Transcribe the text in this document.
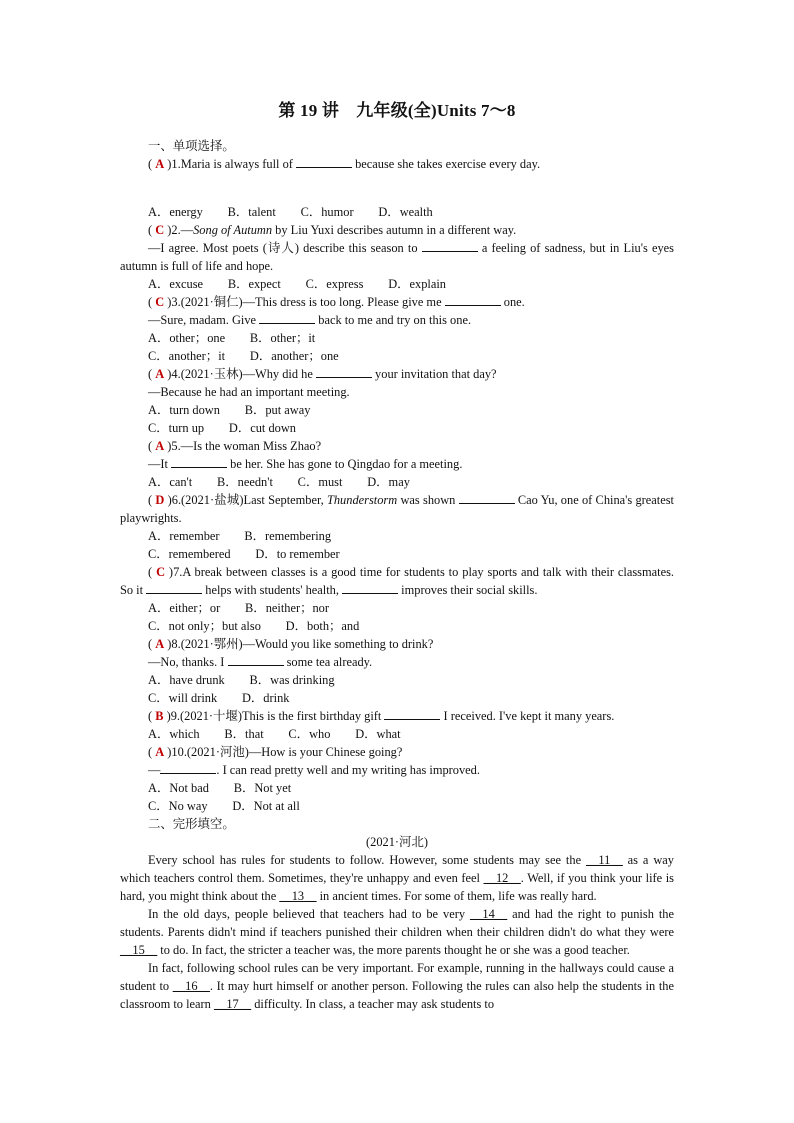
第 19 讲　九年级(全)Units 7～8

一、单项选择。

( A )1.Maria is always full of	because she takes exercise every day.

A．energy　　B．talent　　C．humor　　D．wealth

( C )2.—Song of Autumn by Liu Yuxi describes autumn in a different way.

—I agree. Most poets (诗人) describe this season to	a feeling of sadness, but in Liu's eyes autumn is full of life and hope.

A．excuse　　B．expect　　C．express　　D．explain

( C )3.(2021·铜仁)—This dress is too long. Please give me	one.

—Sure, madam. Give	back to me and try on this one.

A．other；one　　B．other；it

C．another；it　　D．another；one

( A )4.(2021·玉林)—Why did he	your invitation that day?

—Because he had an important meeting.

A．turn down　　B．put away

C．turn up　　D．cut down

( A )5.—Is the woman Miss Zhao?

—It	be her. She has gone to Qingdao for a meeting.

A．can't　　B．needn't　　C．must　　D．may

( D )6.(2021·盐城)Last September, Thunderstorm was shown	Cao Yu, one of China's greatest playwrights.

A．remember　　B．remembering

C．remembered　　D．to remember

( C )7.A break between classes is a good time for students to play sports and talk with their classmates. So it	helps with students' health,	improves their social skills.

A．either；or　　B．neither；nor

C．not only；but also　　D．both；and

( A )8.(2021·鄂州)—Would you like something to drink?

—No, thanks. I	some tea already.

A．have drunk　　B．was drinking

C．will drink　　D．drink

( B )9.(2021·十堰)This is the first birthday gift	I received. I've kept it many years.

A．which　　B．that　　C．who　　D．what

( A )10.(2021·河池)—How is your Chinese going?

—	. I can read pretty well and my writing has improved.

A．Not bad　　B．Not yet

C．No way　　D．Not at all

二、完形填空。

(2021·河北)

Every school has rules for students to follow. However, some students may see the __11__ as a way which teachers control them. Sometimes, they're unhappy and even feel __12__. Well, if you think your life is hard, you might think about the __13__ in ancient times. For some of them, life was really hard.

In the old days, people believed that teachers had to be very __14__ and had the right to punish the students. Parents didn't mind if teachers punished their children when their children didn't do what they were __15__ to do. In fact, the stricter a teacher was, the more parents thought he or she was a good teacher.

In fact, following school rules can be very important. For example, running in the hallways could cause a student to __16__. It may hurt himself or another person. Following the rules can also help the students in the classroom to learn __17__ difficulty. In class, a teacher may ask students to
